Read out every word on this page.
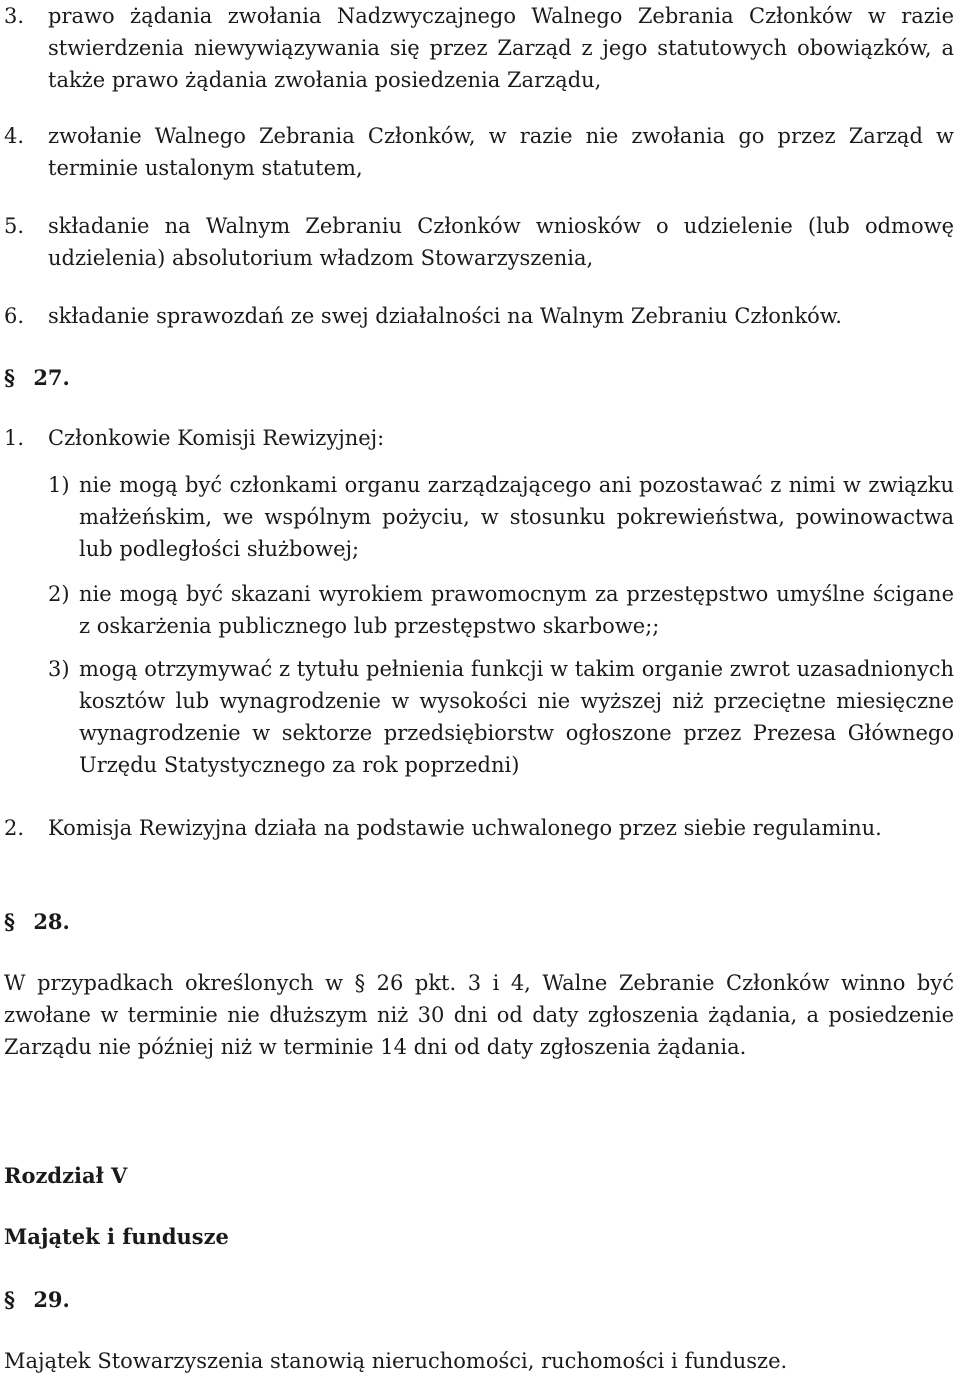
3. prawo żądania zwołania Nadzwyczajnego Walnego Zebrania Członków w razie stwierdzenia niewywiązywania się przez Zarząd z jego statutowych obowiązków, a także prawo żądania zwołania posiedzenia Zarządu,
4. zwołanie Walnego Zebrania Członków, w razie nie zwołania go przez Zarząd w terminie ustalonym statutem,
5. składanie na Walnym Zebraniu Członków wniosków o udzielenie (lub odmowę udzielenia) absolutorium władzom Stowarzyszenia,
6. składanie sprawozdań ze swej działalności na Walnym Zebraniu Członków.
§ 27.
1. Członkowie Komisji Rewizyjnej:
1) nie mogą być członkami organu zarządzającego ani pozostawać z nimi w związku małżeńskim, we wspólnym pożyciu, w stosunku pokrewieństwa, powinowactwa lub podległości służbowej;
2) nie mogą być skazani wyrokiem prawomocnym za przestępstwo umyślne ścigane z oskarżenia publicznego lub przestępstwo skarbowe;;
3) mogą otrzymywać z tytułu pełnienia funkcji w takim organie zwrot uzasadnionych kosztów lub wynagrodzenie w wysokości nie wyższej niż przeciętne miesięczne wynagrodzenie w sektorze przedsiębiorstw ogłoszone przez Prezesa Głównego Urzędu Statystycznego za rok poprzedni)
2. Komisja Rewizyjna działa na podstawie uchwalonego przez siebie regulaminu.
§ 28.
W przypadkach określonych w § 26 pkt. 3 i 4, Walne Zebranie Członków winno być zwołane w terminie nie dłuższym niż 30 dni od daty zgłoszenia żądania, a posiedzenie Zarządu nie później niż w terminie 14 dni od daty zgłoszenia żądania.
Rozdział V
Majątek i fundusze
§ 29.
Majątek Stowarzyszenia stanowią nieruchomości, ruchomości i fundusze.
